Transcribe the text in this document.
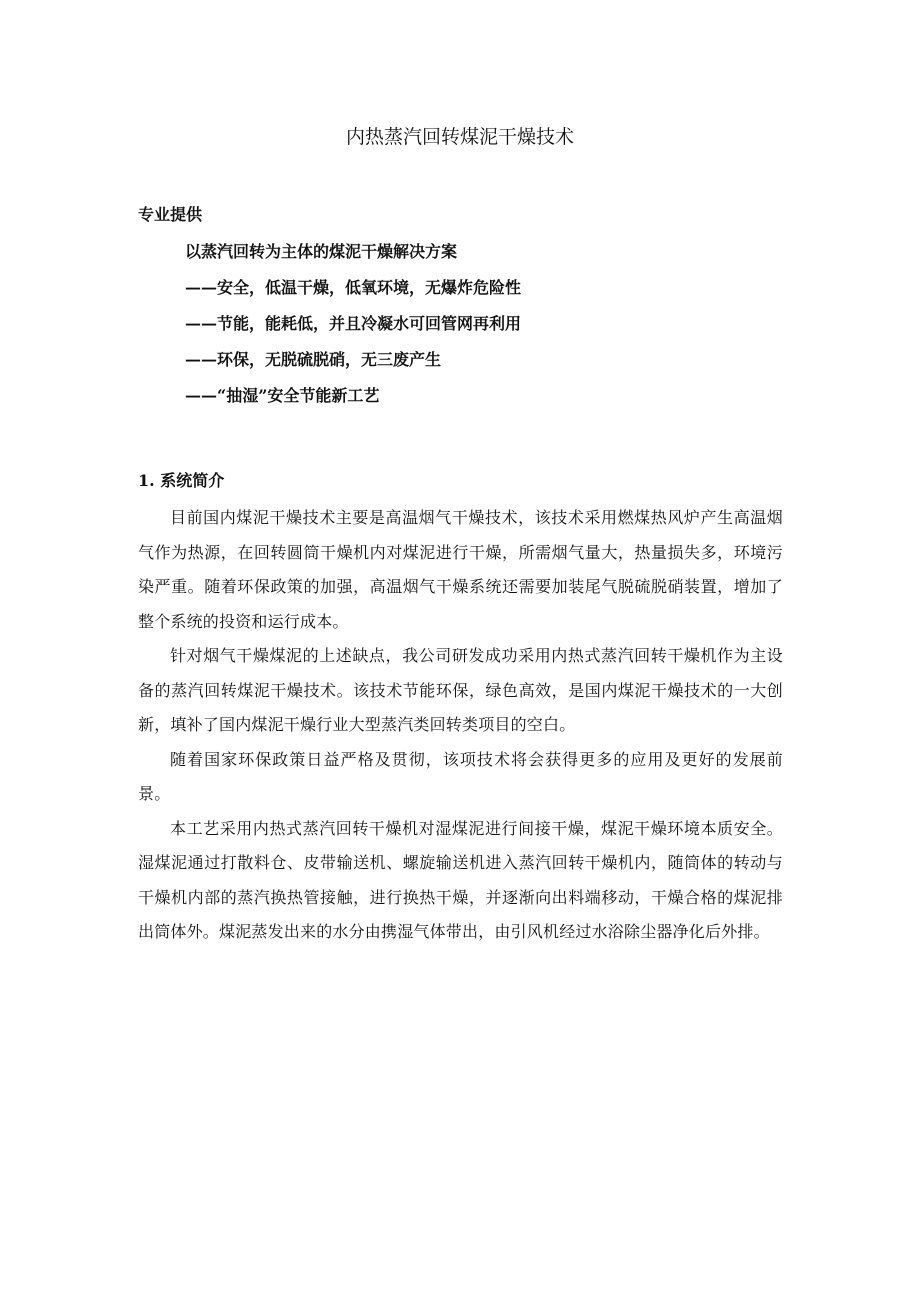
内热蒸汽回转煤泥干燥技术
专业提供
以蒸汽回转为主体的煤泥干燥解决方案
——安全，低温干燥，低氧环境，无爆炸危险性
——节能，能耗低，并且冷凝水可回管网再利用
——环保，无脱硫脱硝，无三废产生
——“抽湿”安全节能新工艺
1. 系统简介

目前国内煤泥干燥技术主要是高温烟气干燥技术，该技术采用燃煤热风炉产生高温烟气作为热源，在回转圆筒干燥机内对煤泥进行干燥，所需烟气量大，热量损失多，环境污染严重。随着环保政策的加强，高温烟气干燥系统还需要加装尾气脱硫脱硝装置，增加了整个系统的投资和运行成本。

针对烟气干燥煤泥的上述缺点，我公司研发成功采用内热式蒸汽回转干燥机作为主设备的蒸汽回转煤泥干燥技术。该技术节能环保，绿色高效，是国内煤泥干燥技术的一大创新，填补了国内煤泥干燥行业大型蒸汽类回转类项目的空白。

随着国家环保政策日益严格及贯彻，该项技术将会获得更多的应用及更好的发展前景。

本工艺采用内热式蒸汽回转干燥机对湿煤泥进行间接干燥，煤泥干燥环境本质安全。湿煤泥通过打散料仓、皮带输送机、螺旋输送机进入蒸汽回转干燥机内，随筒体的转动与干燥机内部的蒸汽换热管接触，进行换热干燥，并逐渐向出料端移动，干燥合格的煤泥排出筒体外。煤泥蒸发出来的水分由携湿气体带出，由引风机经过水浴除尘器净化后外排。
